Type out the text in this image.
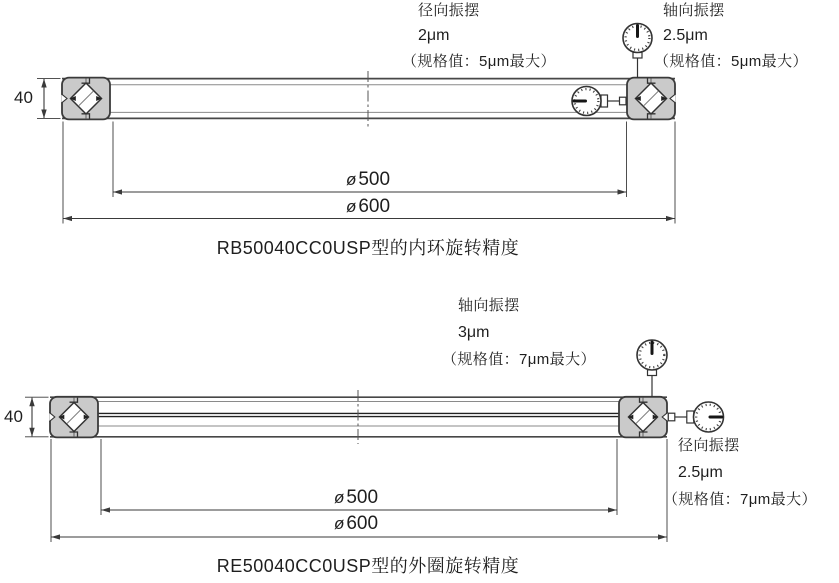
径向振摆
2μm
（规格值：5μm最大）
轴向振摆
2.5μm
（规格值：5μm最大）
40
ø 500
ø 600
RB50040CC0USP型的内环旋转精度
轴向振摆
3μm
（规格值：7μm最大）
径向振摆
2.5μm
（规格值：7μm最大）
40
ø 500
ø 600
RE50040CC0USP型的外圈旋转精度
